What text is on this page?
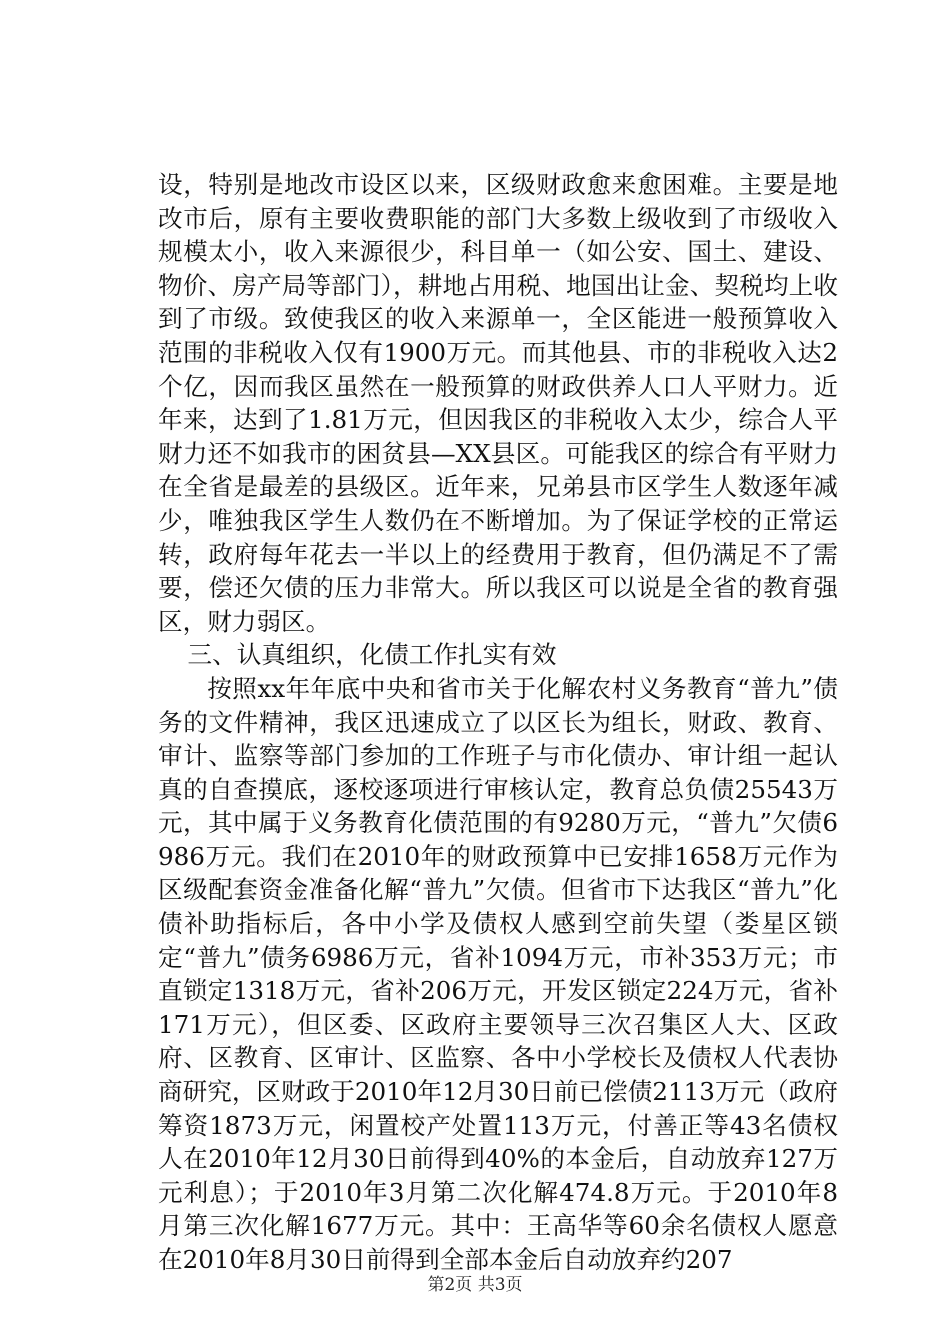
设，特别是地改市设区以来，区级财政愈来愈困难。主要是地改市后，原有主要收费职能的部门大多数上级收到了市级收入规模太小，收入来源很少，科目单一（如公安、国土、建设、物价、房产局等部门），耕地占用税、地国出让金、契税均上收到了市级。致使我区的收入来源单一，全区能进一般预算收入范围的非税收入仅有1900万元。而其他县、市的非税收入达2个亿，因而我区虽然在一般预算的财政供养人口人平财力。近年来，达到了1.81万元，但因我区的非税收入太少，综合人平财力还不如我市的困贫县—XX县区。可能我区的综合有平财力在全省是最差的县级区。近年来，兄弟县市区学生人数逐年减少，唯独我区学生人数仍在不断增加。为了保证学校的正常运转，政府每年花去一半以上的经费用于教育，但仍满足不了需要，偿还欠债的压力非常大。所以我区可以说是全省的教育强区，财力弱区。

三、认真组织，化债工作扎实有效

按照xx年年底中央和省市关于化解农村义务教育“普九”债务的文件精神，我区迅速成立了以区长为组长，财政、教育、审计、监察等部门参加的工作班子与市化债办、审计组一起认真的自查摸底，逐校逐项进行审核认定，教育总负债25543万元，其中属于义务教育化债范围的有9280万元，“普九”欠债6986万元。我们在2010年的财政预算中已安排1658万元作为区级配套资金准备化解“普九”欠债。但省市下达我区“普九”化债补助指标后，各中小学及债权人感到空前失望（娄星区锁定“普九”债务6986万元，省补1094万元，市补353万元；市直锁定1318万元，省补206万元，开发区锁定224万元，省补171万元），但区委、区政府主要领导三次召集区人大、区政府、区教育、区审计、区监察、各中小学校长及债权人代表协商研究，区财政于2010年12月30日前已偿债2113万元（政府筹资1873万元，闲置校产处置113万元，付善正等43名债权人在2010年12月30日前得到40%的本金后，自动放弃127万元利息）；于2010年3月第二次化解474.8万元。于2010年8月第三次化解1677万元。其中：王高华等60余名债权人愿意在2010年8月30日前得到全部本金后自动放弃约207

第2页 共3页
